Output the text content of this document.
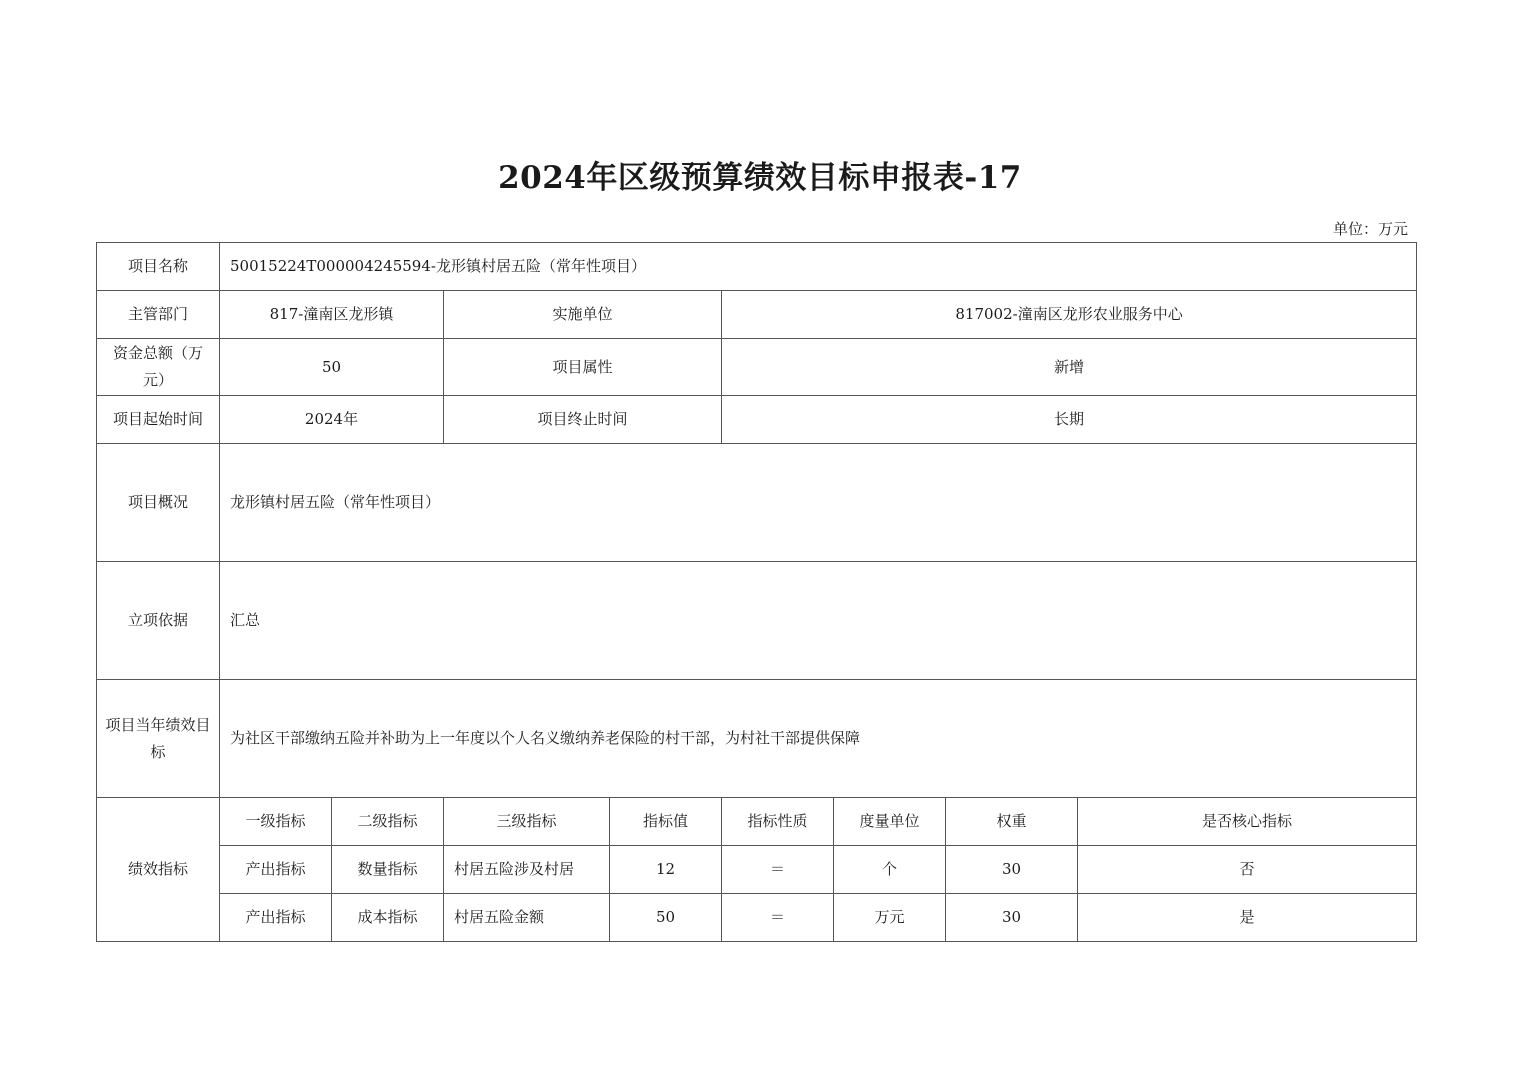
2024年区级预算绩效目标申报表-17
单位：万元
项目名称	50015224T000004245594-龙形镇村居五险（常年性项目）							
主管部门	817-潼南区龙形镇		实施单位		817002-潼南区龙形农业服务中心			
资金总额（万元）	50		项目属性		新增			
项目起始时间	2024年		项目终止时间		长期			
项目概况	龙形镇村居五险（常年性项目）							
立项依据	汇总							
项目当年绩效目标	为社区干部缴纳五险并补助为上一年度以个人名义缴纳养老保险的村干部，为村社干部提供保障							
绩效指标	一级指标	二级指标	三级指标	指标值	指标性质	度量单位	权重	是否核心指标
	产出指标	数量指标	村居五险涉及村居	12	＝	个	30	否
	产出指标	成本指标	村居五险金额	50	＝	万元	30	是
